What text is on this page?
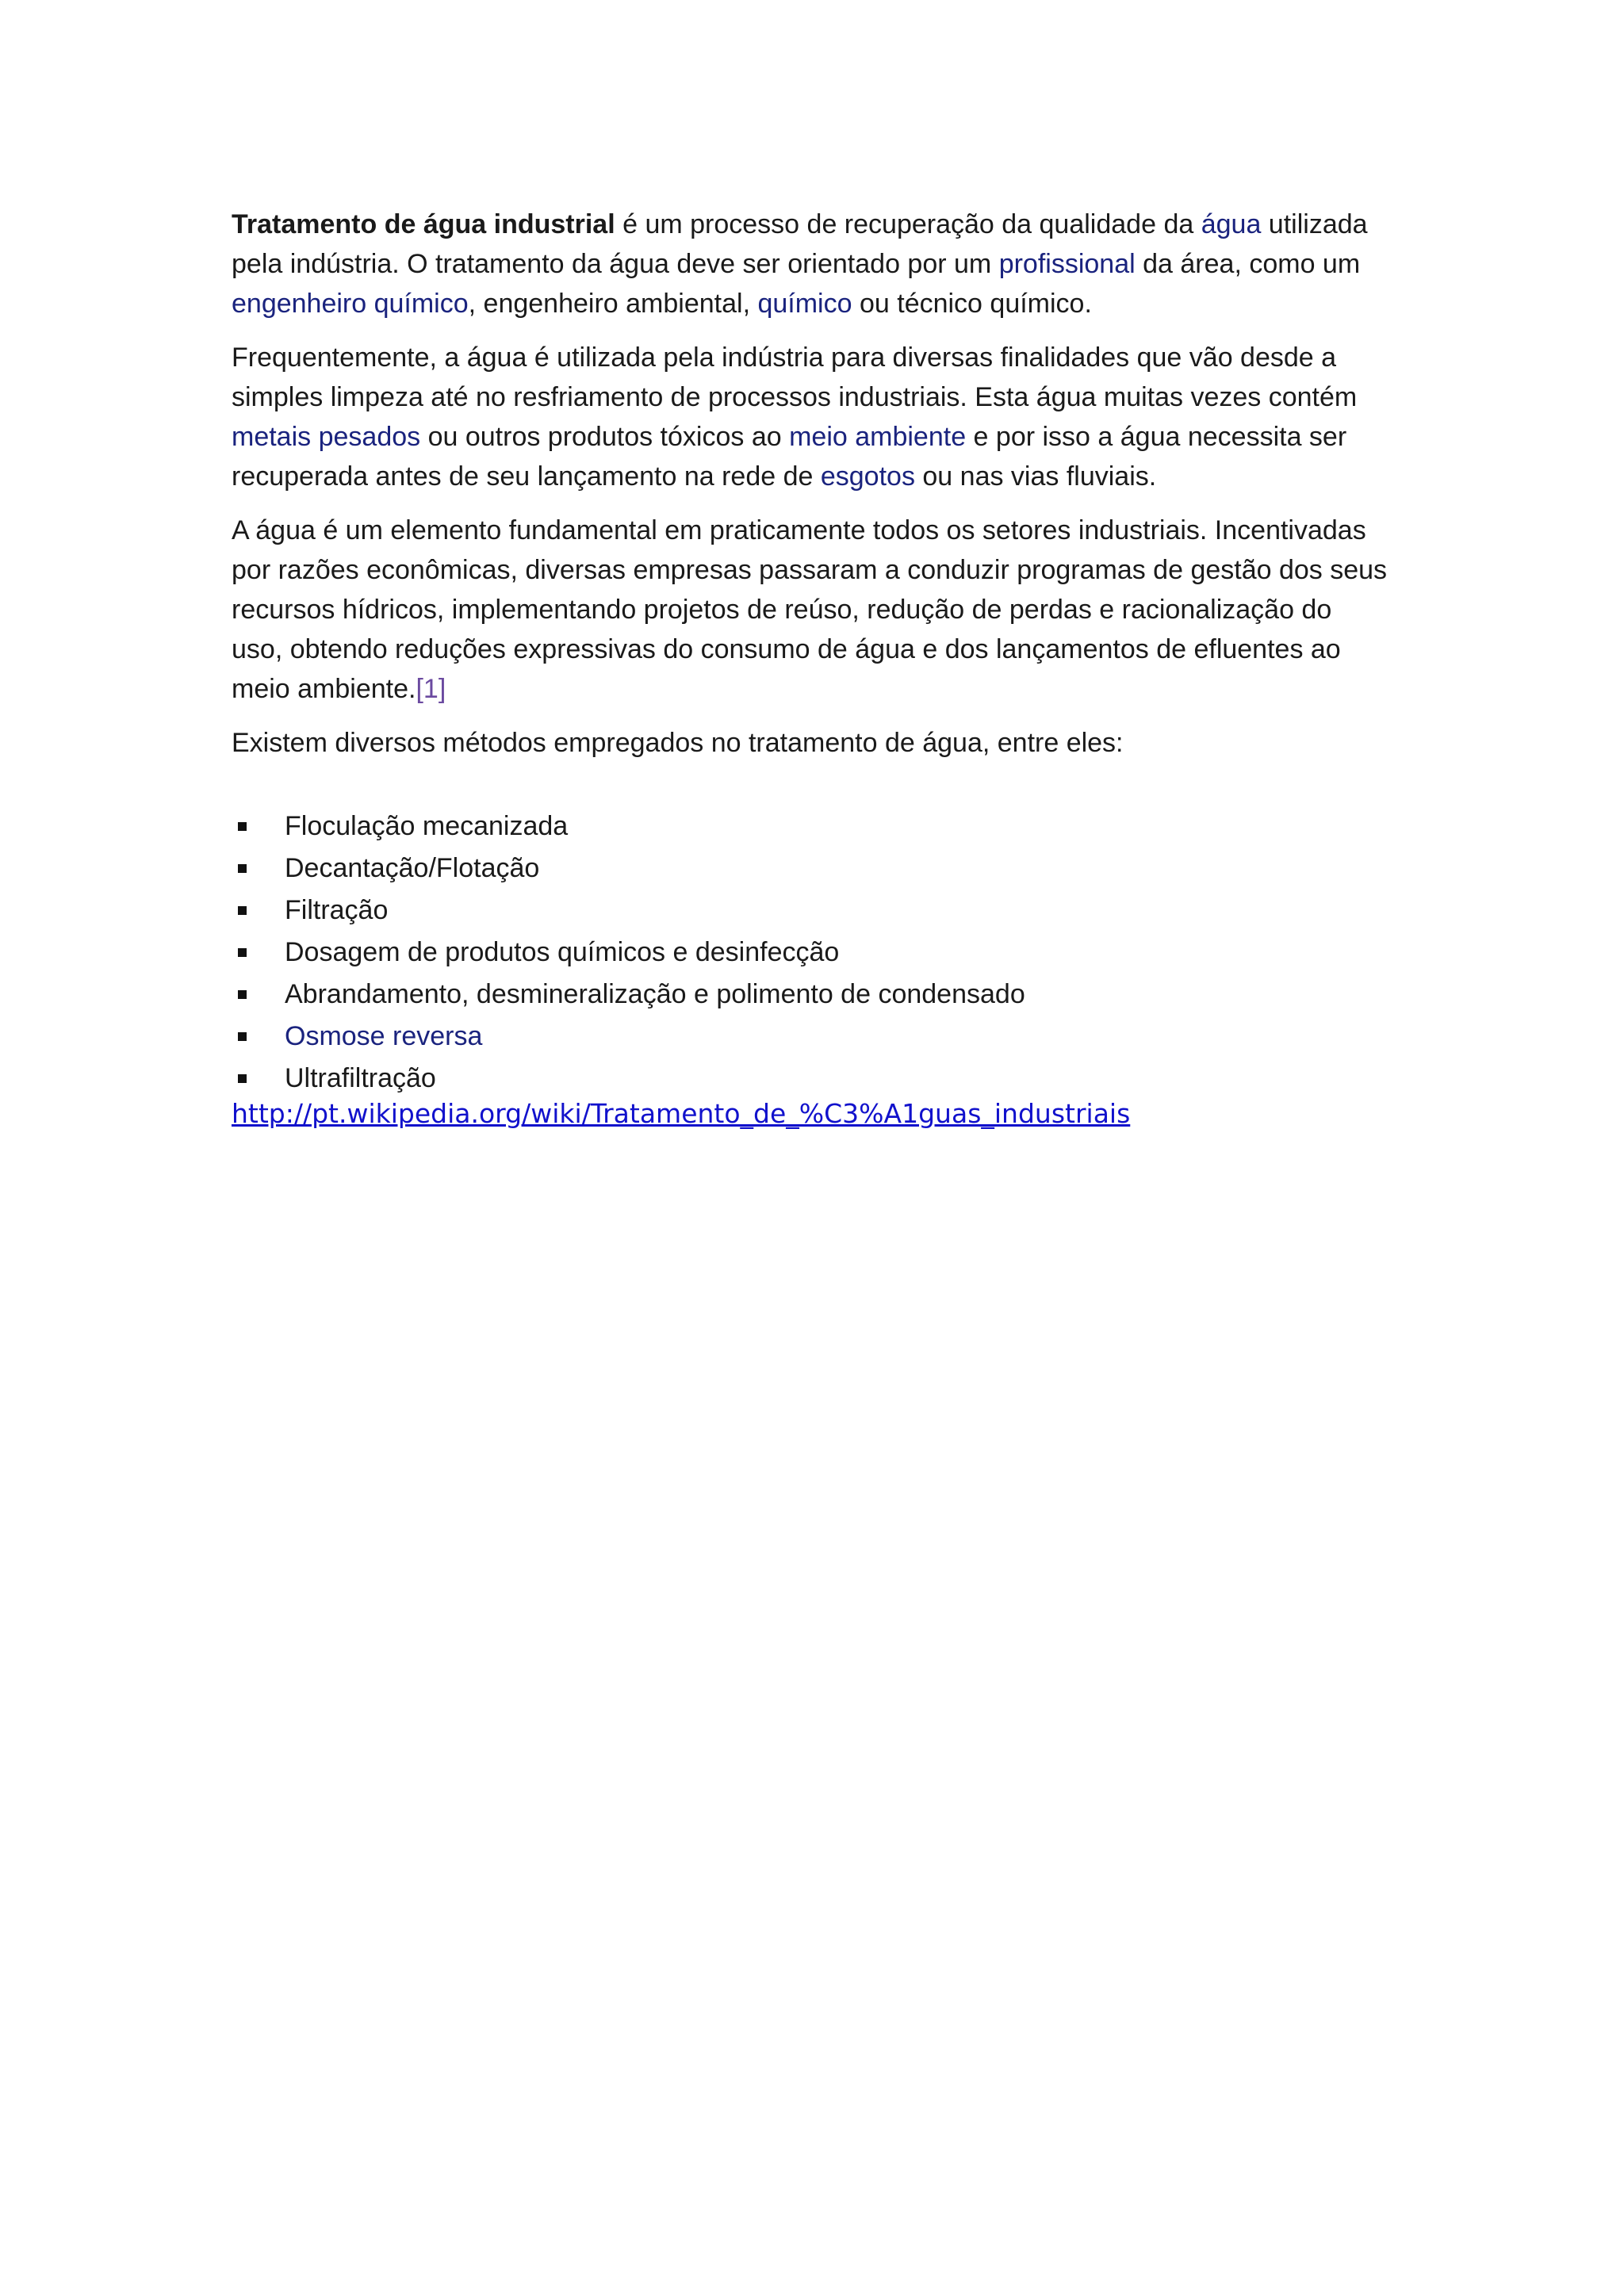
Tratamento de água industrial é um processo de recuperação da qualidade da água utilizada pela indústria. O tratamento da água deve ser orientado por um profissional da área, como um engenheiro químico, engenheiro ambiental, químico ou técnico químico.

Frequentemente, a água é utilizada pela indústria para diversas finalidades que vão desde a simples limpeza até no resfriamento de processos industriais. Esta água muitas vezes contém metais pesados ou outros produtos tóxicos ao meio ambiente e por isso a água necessita ser recuperada antes de seu lançamento na rede de esgotos ou nas vias fluviais.

A água é um elemento fundamental em praticamente todos os setores industriais. Incentivadas por razões econômicas, diversas empresas passaram a conduzir programas de gestão dos seus recursos hídricos, implementando projetos de reúso, redução de perdas e racionalização do uso, obtendo reduções expressivas do consumo de água e dos lançamentos de efluentes ao meio ambiente.[1]

Existem diversos métodos empregados no tratamento de água, entre eles:

Floculação mecanizada
Decantação/Flotação
Filtração
Dosagem de produtos químicos e desinfecção
Abrandamento, desmineralização e polimento de condensado
Osmose reversa
Ultrafiltração
http://pt.wikipedia.org/wiki/Tratamento_de_%C3%A1guas_industriais
